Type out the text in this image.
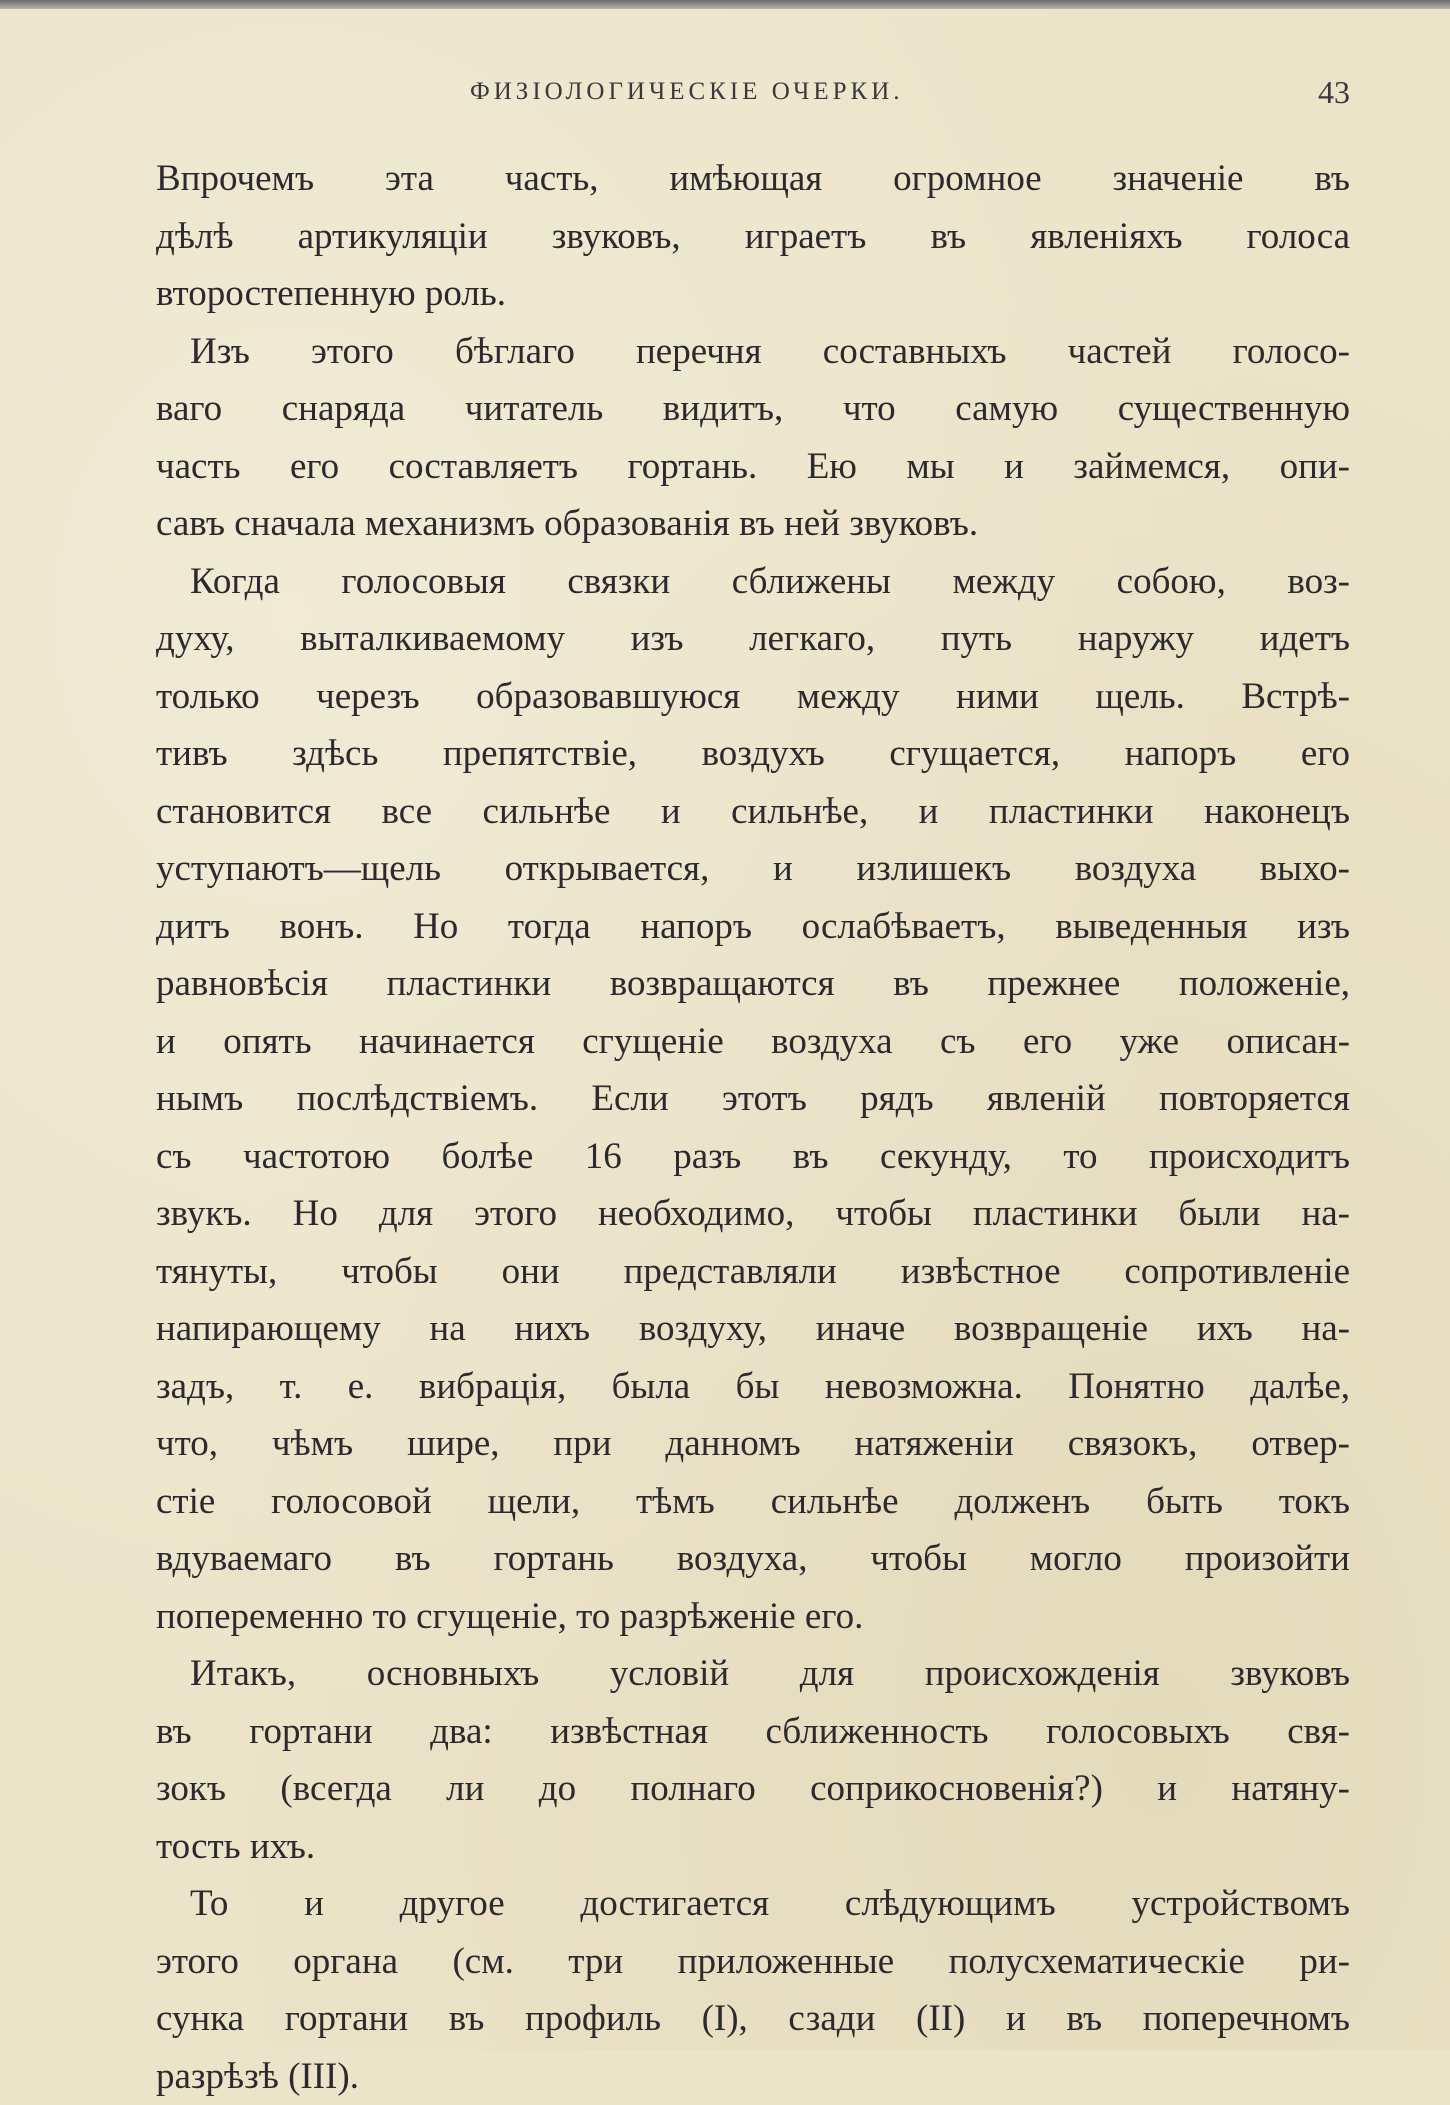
ФИЗIОЛОГИЧЕСКIЕ ОЧЕРКИ.	43
Впрочемъ эта часть, имѣющая огромное значенiе въ
дѣлѣ артикуляцiи звуковъ, играетъ въ явленiяхъ голоса
второстепенную роль.
Изъ этого бѣглаго перечня составныхъ частей голосо-
ваго снаряда читатель видитъ, что самую существенную
часть его составляетъ гортань. Ею мы и займемся, опи-
савъ сначала механизмъ образованiя въ ней звуковъ.
Когда голосовыя связки сближены между собою, воз-
духу, выталкиваемому изъ легкаго, путь наружу идетъ
только черезъ образовавшуюся между ними щель. Встрѣ-
тивъ здѣсь препятствiе, воздухъ сгущается, напоръ его
становится все сильнѣе и сильнѣе, и пластинки наконецъ
уступаютъ—щель открывается, и излишекъ воздуха выхо-
дитъ вонъ. Но тогда напоръ ослабѣваетъ, выведенныя изъ
равновѣсiя пластинки возвращаются въ прежнее положенiе,
и опять начинается сгущенiе воздуха съ его уже описан-
нымъ послѣдствiемъ. Если этотъ рядъ явленiй повторяется
съ частотою болѣе 16 разъ въ секунду, то происходитъ
звукъ. Но для этого необходимо, чтобы пластинки были на-
тянуты, чтобы они представляли извѣстное сопротивленiе
напирающему на нихъ воздуху, иначе возвращенiе ихъ на-
задъ, т. е. вибрацiя, была бы невозможна. Понятно далѣе,
что, чѣмъ шире, при данномъ натяженiи связокъ, отвер-
стiе голосовой щели, тѣмъ сильнѣе долженъ быть токъ
вдуваемаго въ гортань воздуха, чтобы могло произойти
попеременно то сгущенiе, то разрѣженiе его.
Итакъ, основныхъ условiй для происхожденiя звуковъ
въ гортани два: извѣстная сближенность голосовыхъ свя-
зокъ (всегда ли до полнаго соприкосновенiя?) и натяну-
тость ихъ.
То и другое достигается слѣдующимъ устройствомъ
этого органа (см. три приложенные полусхематическiе ри-
сунка гортани въ профиль (I), сзади (II) и въ поперечномъ
разрѣзѣ (III).
